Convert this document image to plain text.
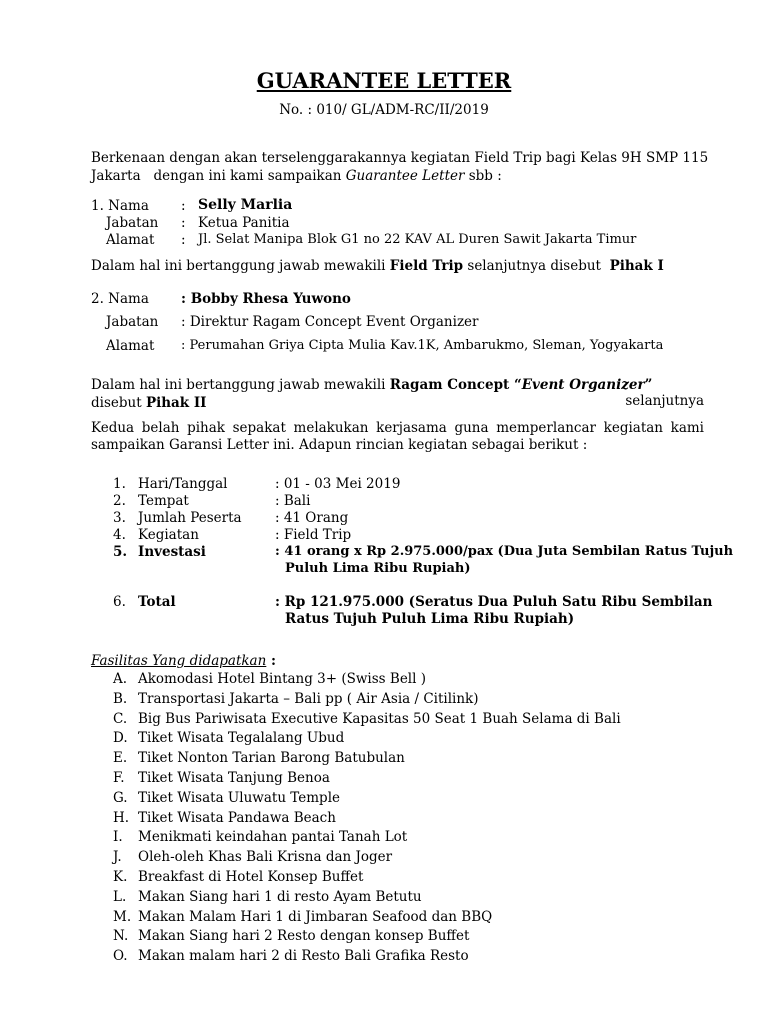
GUARANTEE LETTER
No. : 010/ GL/ADM-RC/II/2019
Berkenaan dengan akan terselenggarakannya kegiatan Field Trip bagi Kelas 9H SMP 115
Jakarta   dengan ini kami sampaikan Guarantee Letter sbb :
1. Nama : Selly Marlia
Jabatan : Ketua Panitia
Alamat : Jl. Selat Manipa Blok G1 no 22 KAV AL Duren Sawit Jakarta Timur
Dalam hal ini bertanggung jawab mewakili Field Trip selanjutnya disebut  Pihak I
2. Nama : Bobby Rhesa Yuwono
Jabatan : Direktur Ragam Concept Event Organizer
Alamat : Perumahan Griya Cipta Mulia Kav.1K, Ambarukmo, Sleman, Yogyakarta
Dalam hal ini bertanggung jawab mewakili Ragam Concept “Event Organizer”
selanjutnya
disebut Pihak II
Kedua belah pihak sepakat melakukan kerjasama guna memperlancar kegiatan kami
sampaikan Garansi Letter ini. Adapun rincian kegiatan sebagai berikut :
1. Hari/Tanggal	: 01 - 03 Mei 2019
2. Tempat	: Bali
3. Jumlah Peserta : 41 Orang
4. Kegiatan	: Field Trip
5. Investasi	: 41 orang x Rp 2.975.000/pax (Dua Juta Sembilan Ratus Tujuh
Puluh Lima Ribu Rupiah)
6. Total	: Rp 121.975.000 (Seratus Dua Puluh Satu Ribu Sembilan
Ratus Tujuh Puluh Lima Ribu Rupiah)
Fasilitas Yang didapatkan :
A. Akomodasi Hotel Bintang 3+ (Swiss Bell )
B. Transportasi Jakarta – Bali pp ( Air Asia / Citilink)
C. Big Bus Pariwisata Executive Kapasitas 50 Seat 1 Buah Selama di Bali
D. Tiket Wisata Tegalalang Ubud
E. Tiket Nonton Tarian Barong Batubulan
F. Tiket Wisata Tanjung Benoa
G. Tiket Wisata Uluwatu Temple
H. Tiket Wisata Pandawa Beach
I. Menikmati keindahan pantai Tanah Lot
J. Oleh-oleh Khas Bali Krisna dan Joger
K. Breakfast di Hotel Konsep Buffet
L. Makan Siang hari 1 di resto Ayam Betutu
M. Makan Malam Hari 1 di Jimbaran Seafood dan BBQ
N. Makan Siang hari 2 Resto dengan konsep Buffet
O. Makan malam hari 2 di Resto Bali Grafika Resto
